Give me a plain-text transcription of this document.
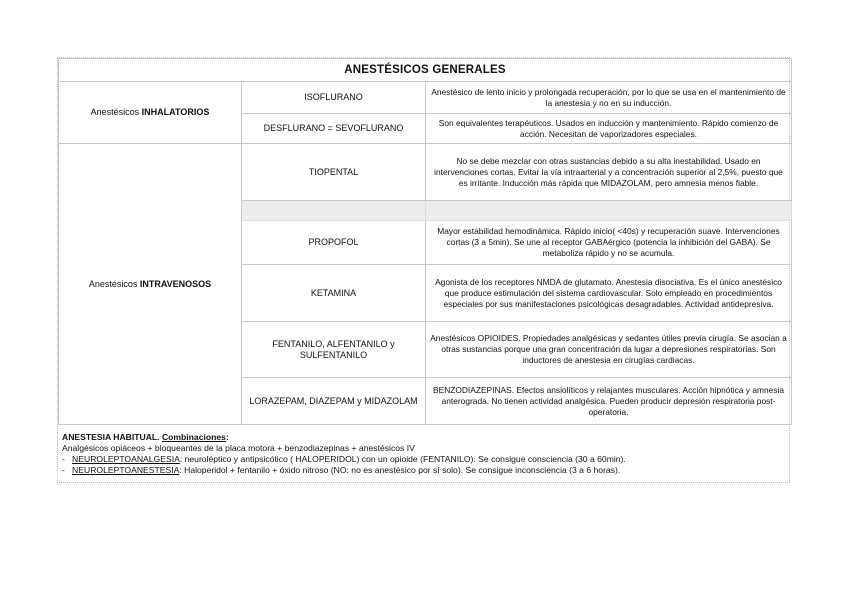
ANESTÉSICOS GENERALES		
Anestésicos INHALATORIOS	ISOFLURANO	Anestésico de lento inicio y prolongada recuperación, por lo que se usa en el mantenimiento de la anestesia y no en su inducción.
	DESFLURANO = SEVOFLURANO	Son equivalentes terapéuticos. Usados en inducción y mantenimiento. Rápido comienzo de acción. Necesitan de vaporizadores especiales.
Anestésicos INTRAVENOSOS	TIOPENTAL	No se debe mezclar con otras sustancias debido a su alta inestabilidad. Usado en intervenciones cortas. Evitar la vía intraarterial y a concentración superior al 2,5%, puesto que es irritante. Inducción más rápida que MIDAZOLAM, pero amnesia menos fiable.

	PROPOFOL	Mayor estabilidad hemodinámica. Rápido inicio( <40s) y recuperación suave. Intervenciones cortas (3 a 5min). Se une al receptor GABAérgico (potencia la inhibición del GABA). Se metaboliza rápido y no se acumula.
	KETAMINA	Agonista de los receptores NMDA de glutamato. Anestesia disociativa. Es el único anestésico que produce estimulación del sistema cardiovascular. Solo empleado en procedimientos especiales por sus manifestaciones psicológicas desagradables. Actividad antidepresiva.
	FENTANILO, ALFENTANILO y SULFENTANILO	Anestésicos OPIOIDES. Propiedades analgésicas y sedantes útiles previa cirugía. Se asocian a otras sustancias porque una gran concentración da lugar a depresiones respiratorias. Son inductores de anestesia en cirugías cardiacas.
	LORAZEPAM, DIAZEPAM y MIDAZOLAM	BENZODIAZEPINAS. Efectos ansiolíticos y relajantes musculares. Acción hipnótica y amnesia anterograda. No tienen actividad analgésica. Pueden producir depresión respiratoria post-operatoria.
ANESTESIA HABITUAL. Combinaciones:
Analgésicos opiáceos + bloqueantes de la placa motora + benzodiazepinas + anestésicos IV
- NEUROLEPTOANALGESIA: neuroléptico y antipsicótico ( HALOPERIDOL) con un opioide (FENTANILO). Se consigue consciencia (30 a 60min).
- NEUROLEPTOANESTESIA: Haloperidol + fentanilo + óxido nitroso (NO: no es anestésico por sí solo). Se consigue inconsciencia (3 a 6 horas).
